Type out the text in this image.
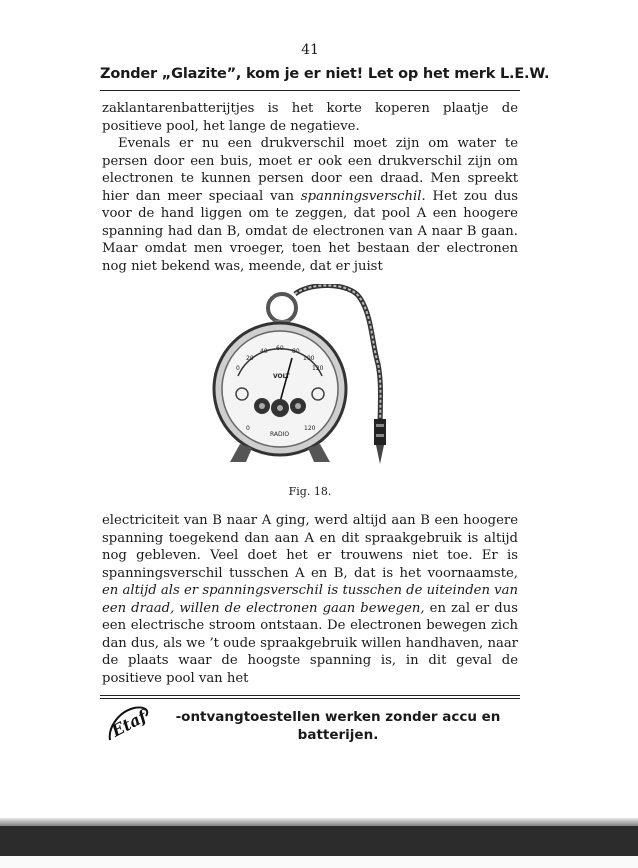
41
Zonder „Glazite”, kom je er niet! Let op het merk L.E.W.

zaklantarenbatterijtjes is het korte koperen plaatje de positieve pool, het lange de negatieve.

Evenals er nu een drukverschil moet zijn om water te persen door een buis, moet er ook een drukverschil zijn om electronen te kunnen persen door een draad. Men spreekt hier dan meer speciaal van spanningsverschil. Het zou dus voor de hand liggen om te zeggen, dat pool A een hoogere spanning had dan B, omdat de electronen van A naar B gaan. Maar omdat men vroeger, toen het bestaan der electronen nog niet bekend was, meende, dat er juist

0
20
40 60 80
100
120
VOLT
RADIO
0	120
Fig. 18.

electriciteit van B naar A ging, werd altijd aan B een hoogere spanning toegekend dan aan A en dit spraakgebruik is altijd nog gebleven. Veel doet het er trouwens niet toe. Er is spanningsverschil tusschen A en B, dat is het voornaamste, en altijd als er spanningsverschil is tusschen de uiteinden van een draad, willen de electronen gaan bewegen, en zal er dus een electrische stroom ontstaan. De electronen bewegen zich dan dus, als we ’t oude spraakgebruik willen handhaven, naar de plaats waar de hoogste spanning is, in dit geval de positieve pool van het

Etaf	-ontvangtoestellen werken zonder accu en
batterijen.
